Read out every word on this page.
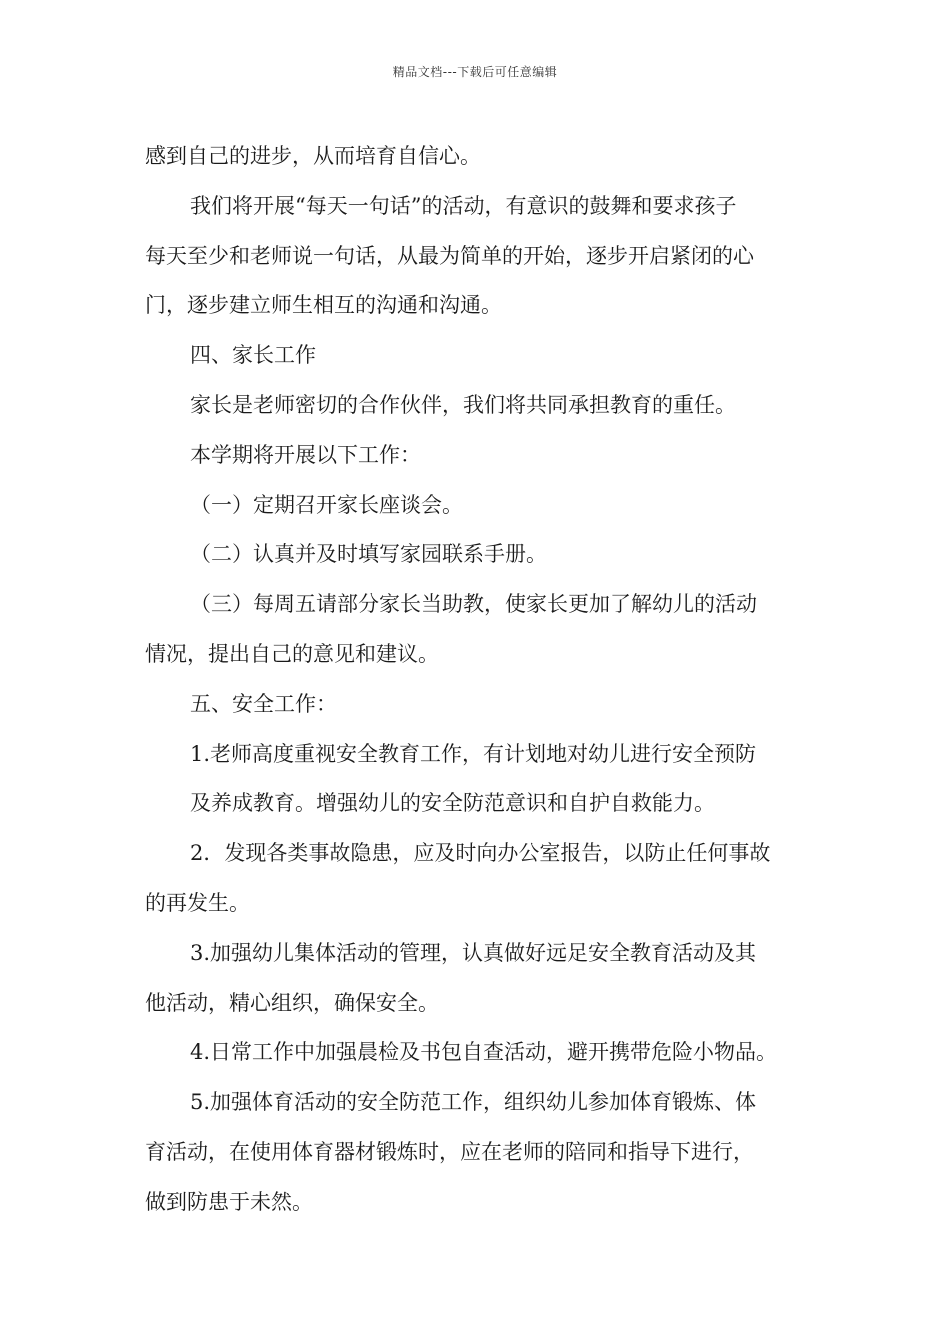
精品文档---下载后可任意编辑
感到自己的进步，从而培育自信心。
我们将开展“每天一句话”的活动，有意识的鼓舞和要求孩子
每天至少和老师说一句话，从最为简单的开始，逐步开启紧闭的心
门，逐步建立师生相互的沟通和沟通。
四、家长工作
家长是老师密切的合作伙伴，我们将共同承担教育的重任。
本学期将开展以下工作：
（一）定期召开家长座谈会。
（二）认真并及时填写家园联系手册。
（三）每周五请部分家长当助教，使家长更加了解幼儿的活动
情况，提出自己的意见和建议。
五、安全工作：
1.老师高度重视安全教育工作，有计划地对幼儿进行安全预防
及养成教育。增强幼儿的安全防范意识和自护自救能力。
2．发现各类事故隐患，应及时向办公室报告，以防止任何事故
的再发生。
3.加强幼儿集体活动的管理，认真做好远足安全教育活动及其
他活动，精心组织，确保安全。
4.日常工作中加强晨检及书包自查活动，避开携带危险小物品。
5.加强体育活动的安全防范工作，组织幼儿参加体育锻炼、体
育活动，在使用体育器材锻炼时，应在老师的陪同和指导下进行，
做到防患于未然。
